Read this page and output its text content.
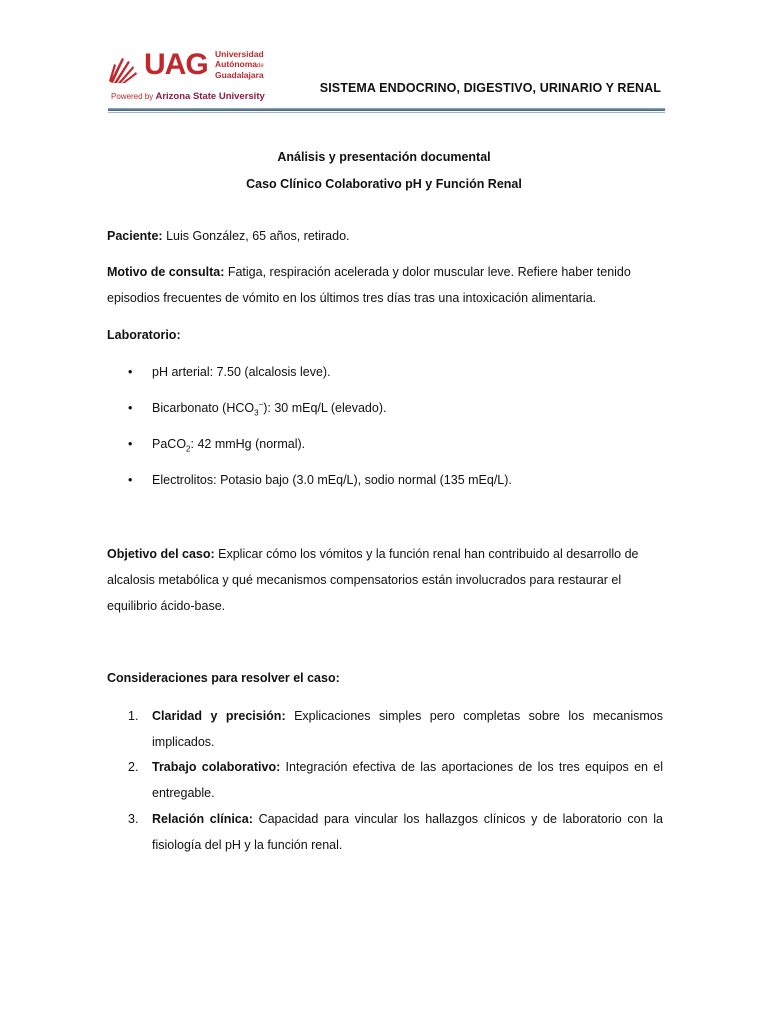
UAG Universidad
Autónomade
Guadalajara
Powered by Arizona State University
SISTEMA ENDOCRINO, DIGESTIVO, URINARIO Y RENAL
Análisis y presentación documental
Caso Clínico Colaborativo pH y Función Renal
Paciente: Luis González, 65 años, retirado.
Motivo de consulta: Fatiga, respiración acelerada y dolor muscular leve. Refiere haber tenido episodios frecuentes de vómito en los últimos tres días tras una intoxicación alimentaria.
Laboratorio:
• pH arterial: 7.50 (alcalosis leve).
• Bicarbonato $(HCO_3^-)$: 30 mEq/L (elevado).
• PaCO$_2$: 42 mmHg (normal).
• Electrolitos: Potasio bajo (3.0 mEq/L), sodio normal (135 mEq/L).
Objetivo del caso: Explicar cómo los vómitos y la función renal han contribuido al desarrollo de alcalosis metabólica y qué mecanismos compensatorios están involucrados para restaurar el equilibrio ácido-base.
Consideraciones para resolver el caso:
1. Claridad y precisión: Explicaciones simples pero completas sobre los mecanismos implicados.
2. Trabajo colaborativo: Integración efectiva de las aportaciones de los tres equipos en el entregable.
3. Relación clínica: Capacidad para vincular los hallazgos clínicos y de laboratorio con la fisiología del pH y la función renal.
